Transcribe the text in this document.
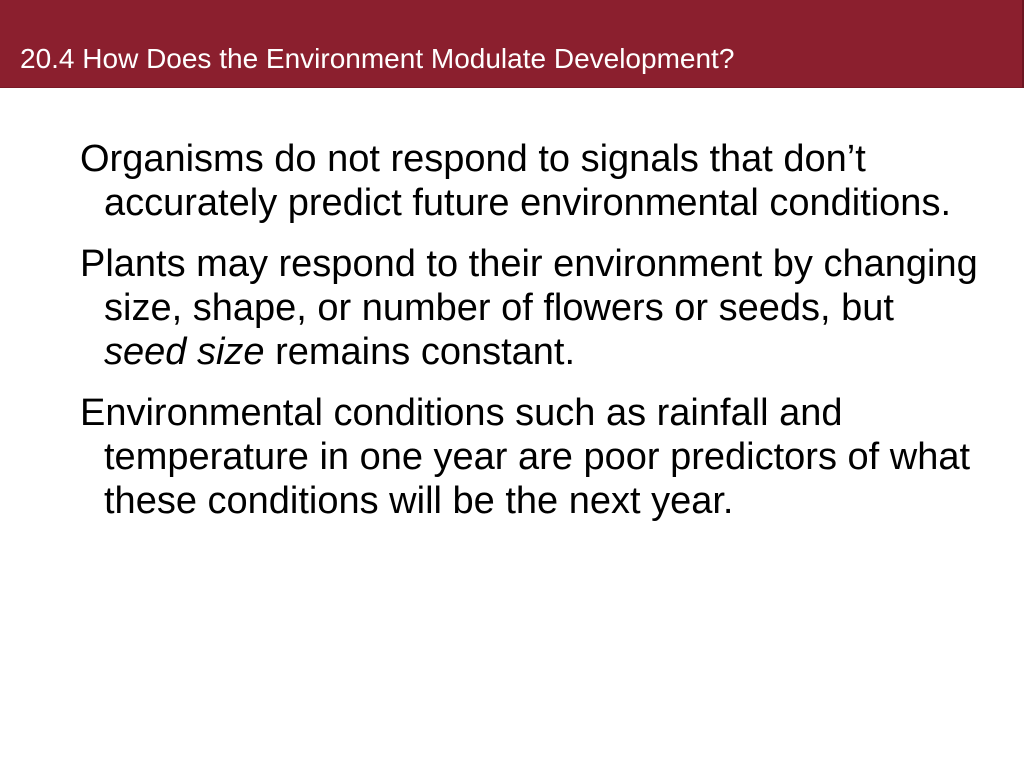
20.4 How Does the Environment Modulate Development?

Organisms do not respond to signals that don’t accurately predict future environmental conditions.

Plants may respond to their environment by changing size, shape, or number of flowers or seeds, but seed size remains constant.

Environmental conditions such as rainfall and temperature in one year are poor predictors of what these conditions will be the next year.
